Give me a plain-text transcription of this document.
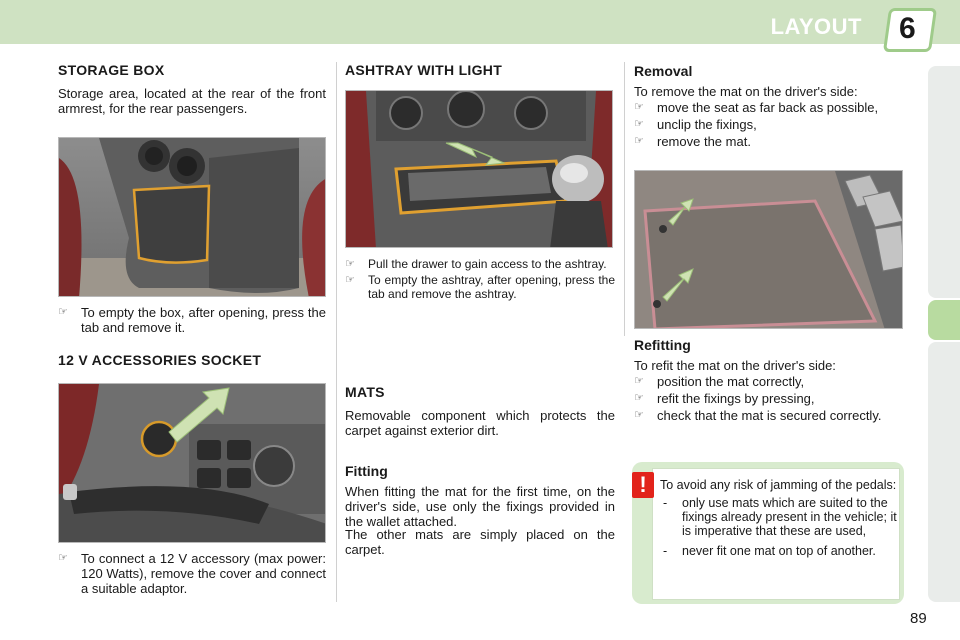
LAYOUT 6
STORAGE BOX

Storage area, located at the rear of the front armrest, for the rear passengers.

☞ To empty the box, after opening, press the tab and remove it.
12 V ACCESSORIES SOCKET
☞ To connect a 12 V accessory (max power: 120 Watts), remove the cover and connect a suitable adaptor.
ASHTRAY WITH LIGHT
☞ Pull the drawer to gain access to the ashtray.
☞ To empty the ashtray, after opening, press the tab and remove the ashtray.
MATS

Removable component which protects the carpet against exterior dirt.

Fitting

When fitting the mat for the first time, on the driver's side, use only the fixings provided in the wallet attached.

The other mats are simply placed on the carpet.

Removal

To remove the mat on the driver's side:

☞ move the seat as far back as possible,
☞ unclip the fixings,
☞ remove the mat.
Refitting

To refit the mat on the driver's side:

☞ position the mat correctly,
☞ refit the fixings by pressing,
☞ check that the mat is secured correctly.
!	To avoid any risk of jamming of the pedals:

- only use mats which are suited to the fixings already present in the vehicle; it is imperative that these are used,
- never fit one mat on top of another.
89
